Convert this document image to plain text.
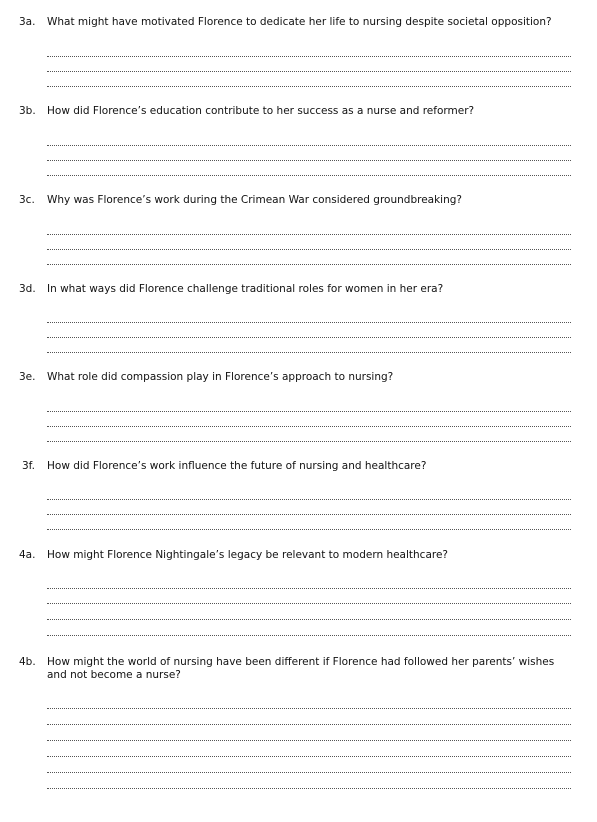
3a. What might have motivated Florence to dedicate her life to nursing despite societal opposition?
3b. How did Florence’s education contribute to her success as a nurse and reformer?
3c. Why was Florence’s work during the Crimean War considered groundbreaking?
3d. In what ways did Florence challenge traditional roles for women in her era?
3e. What role did compassion play in Florence’s approach to nursing?
3f. How did Florence’s work influence the future of nursing and healthcare?
4a. How might Florence Nightingale’s legacy be relevant to modern healthcare?
4b. How might the world of nursing have been different if Florence had followed her parents’ wishes and not become a nurse?
